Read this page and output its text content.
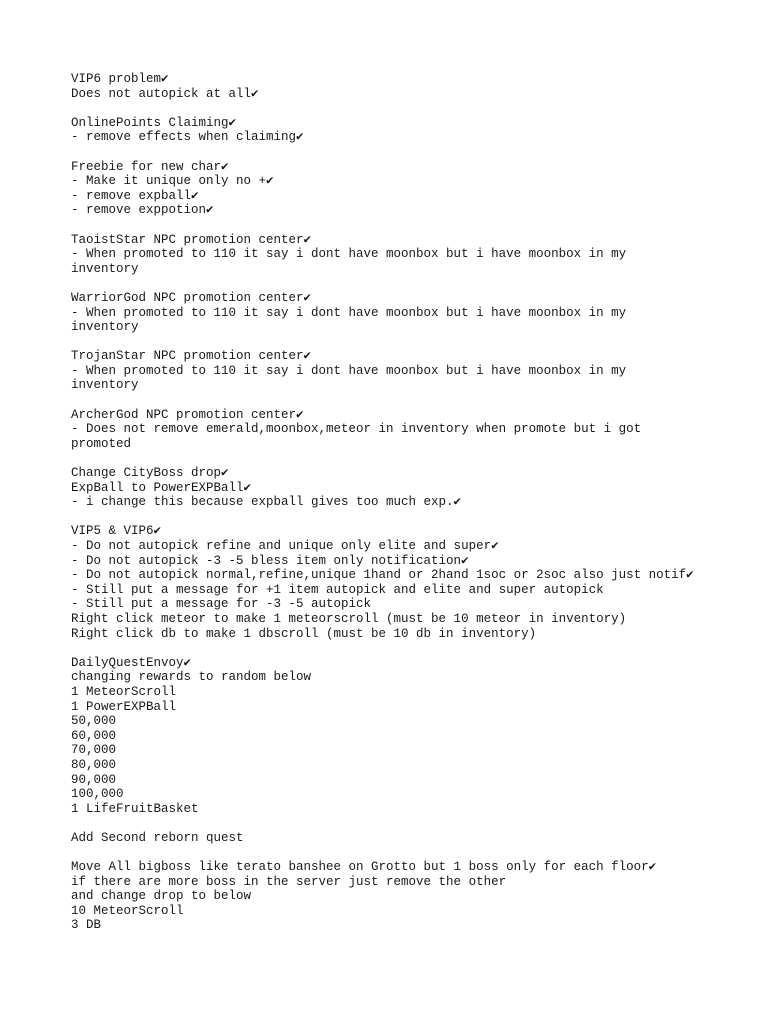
VIP6 problem✔
Does not autopick at all✔
OnlinePoints Claiming✔
- remove effects when claiming✔
Freebie for new char✔
- Make it unique only no +✔
- remove expball✔
- remove exppotion✔
TaoistStar NPC promotion center✔
- When promoted to 110 it say i dont have moonbox but i have moonbox in my
inventory
WarriorGod NPC promotion center✔
- When promoted to 110 it say i dont have moonbox but i have moonbox in my
inventory
TrojanStar NPC promotion center✔
- When promoted to 110 it say i dont have moonbox but i have moonbox in my
inventory
ArcherGod NPC promotion center✔
- Does not remove emerald,moonbox,meteor in inventory when promote but i got
promoted
Change CityBoss drop✔
ExpBall to PowerEXPBall✔
- i change this because expball gives too much exp.✔
VIP5 & VIP6✔
- Do not autopick refine and unique only elite and super✔
- Do not autopick -3 -5 bless item only notification✔
- Do not autopick normal,refine,unique 1hand or 2hand 1soc or 2soc also just notif✔
- Still put a message for +1 item autopick and elite and super autopick
- Still put a message for -3 -5 autopick
Right click meteor to make 1 meteorscroll (must be 10 meteor in inventory)
Right click db to make 1 dbscroll (must be 10 db in inventory)
DailyQuestEnvoy✔
changing rewards to random below
1 MeteorScroll
1 PowerEXPBall
50,000
60,000
70,000
80,000
90,000
100,000
1 LifeFruitBasket
Add Second reborn quest
Move All bigboss like terato banshee on Grotto but 1 boss only for each floor✔
if there are more boss in the server just remove the other
and change drop to below
10 MeteorScroll
3 DB
